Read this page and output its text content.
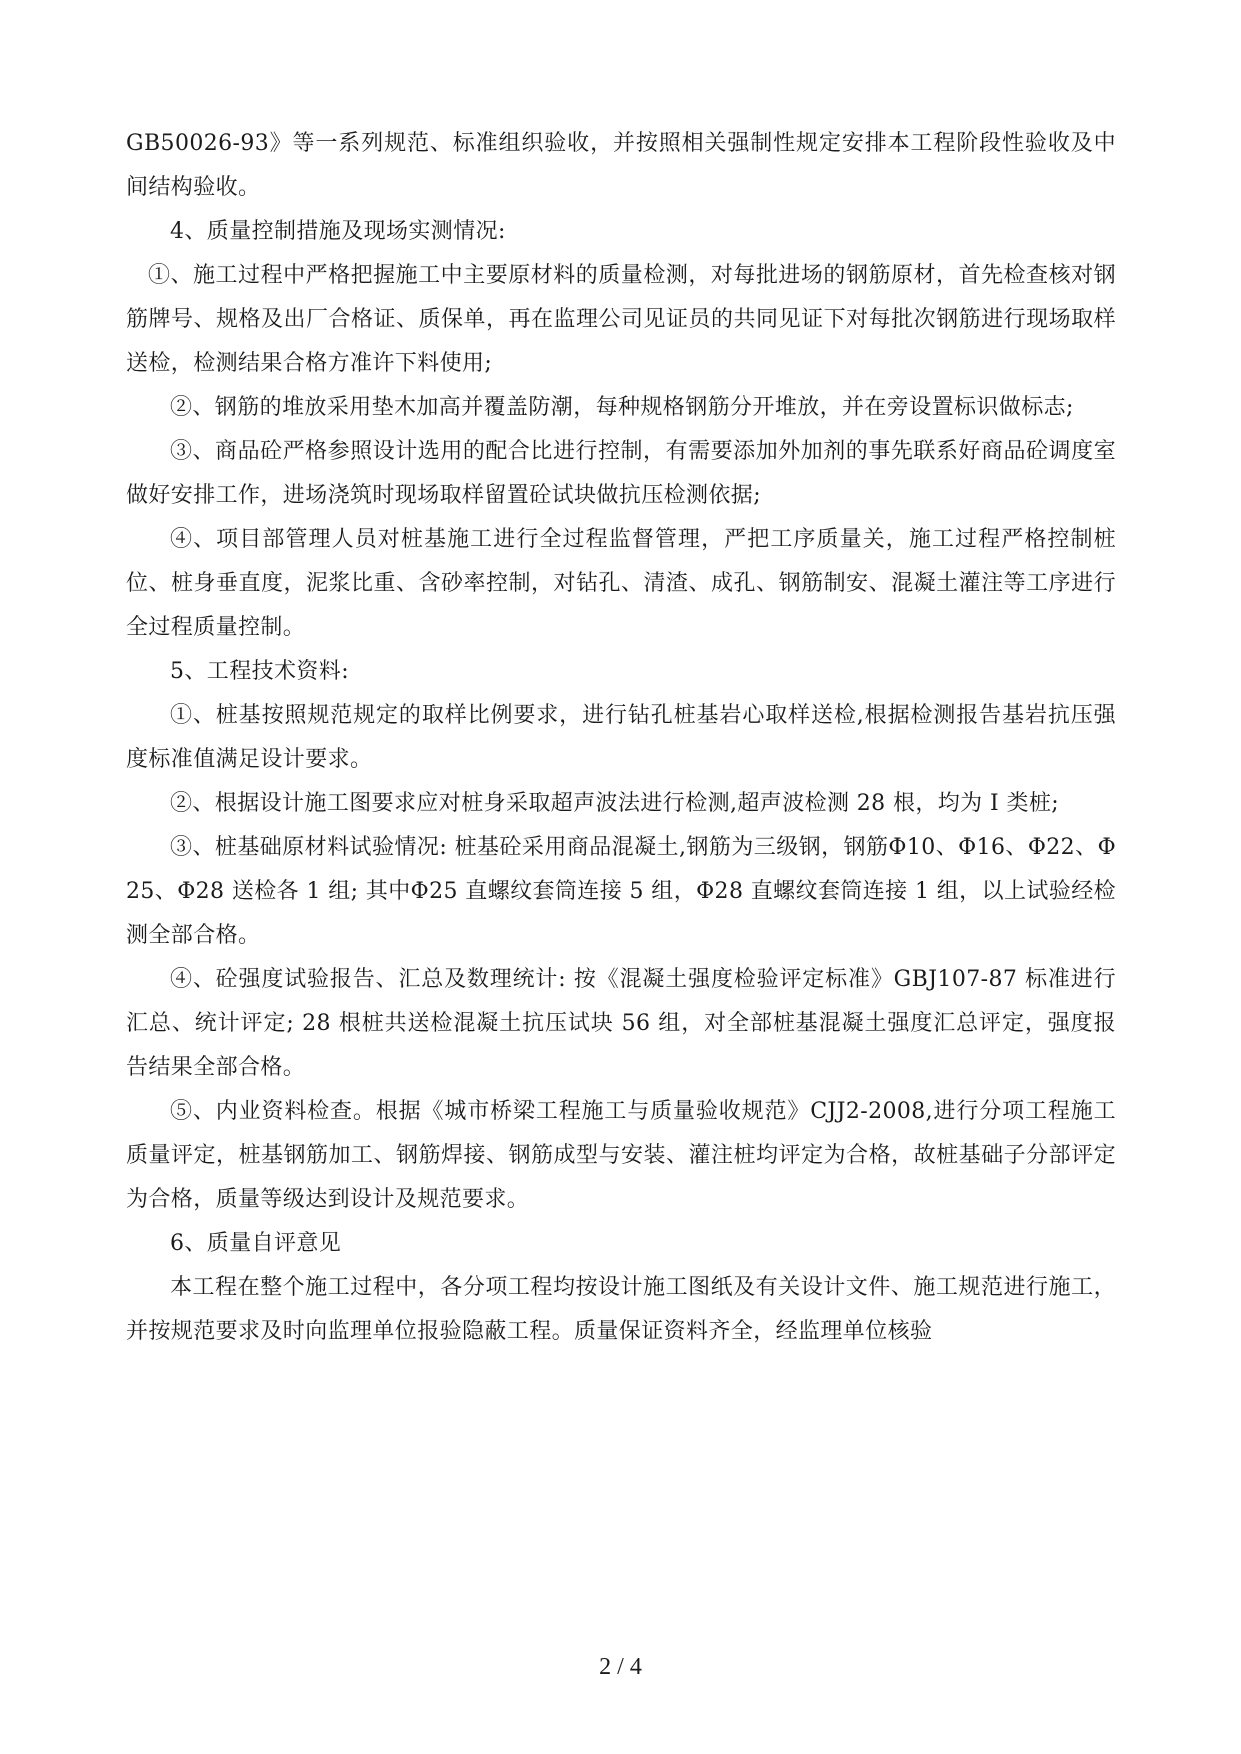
GB50026-93》等一系列规范、标准组织验收，并按照相关强制性规定安排本工程阶段性验收及中间结构验收。

4、质量控制措施及现场实测情况:

①、施工过程中严格把握施工中主要原材料的质量检测，对每批进场的钢筋原材，首先检查核对钢筋牌号、规格及出厂合格证、质保单，再在监理公司见证员的共同见证下对每批次钢筋进行现场取样送检，检测结果合格方准许下料使用;

②、钢筋的堆放采用垫木加高并覆盖防潮，每种规格钢筋分开堆放，并在旁设置标识做标志;

③、商品砼严格参照设计选用的配合比进行控制，有需要添加外加剂的事先联系好商品砼调度室做好安排工作，进场浇筑时现场取样留置砼试块做抗压检测依据;

④、项目部管理人员对桩基施工进行全过程监督管理，严把工序质量关，施工过程严格控制桩位、桩身垂直度，泥浆比重、含砂率控制，对钻孔、清渣、成孔、钢筋制安、混凝土灌注等工序进行全过程质量控制。

5、工程技术资料:

①、桩基按照规范规定的取样比例要求，进行钻孔桩基岩心取样送检,根据检测报告基岩抗压强度标准值满足设计要求。

②、根据设计施工图要求应对桩身采取超声波法进行检测,超声波检测 28 根，均为 I 类桩;

③、桩基础原材料试验情况: 桩基砼采用商品混凝土,钢筋为三级钢，钢筋Φ10、Φ16、Φ22、Φ25、Φ28 送检各 1 组; 其中Φ25 直螺纹套筒连接 5 组，Φ28 直螺纹套筒连接 1 组，以上试验经检测全部合格。

④、砼强度试验报告、汇总及数理统计: 按《混凝土强度检验评定标准》GBJ107-87 标准进行汇总、统计评定; 28 根桩共送检混凝土抗压试块 56 组，对全部桩基混凝土强度汇总评定，强度报告结果全部合格。

⑤、内业资料检查。根据《城市桥梁工程施工与质量验收规范》CJJ2-2008,进行分项工程施工质量评定，桩基钢筋加工、钢筋焊接、钢筋成型与安装、灌注桩均评定为合格，故桩基础子分部评定为合格，质量等级达到设计及规范要求。

6、质量自评意见

本工程在整个施工过程中，各分项工程均按设计施工图纸及有关设计文件、施工规范进行施工，并按规范要求及时向监理单位报验隐蔽工程。质量保证资料齐全，经监理单位核验

2 / 4
